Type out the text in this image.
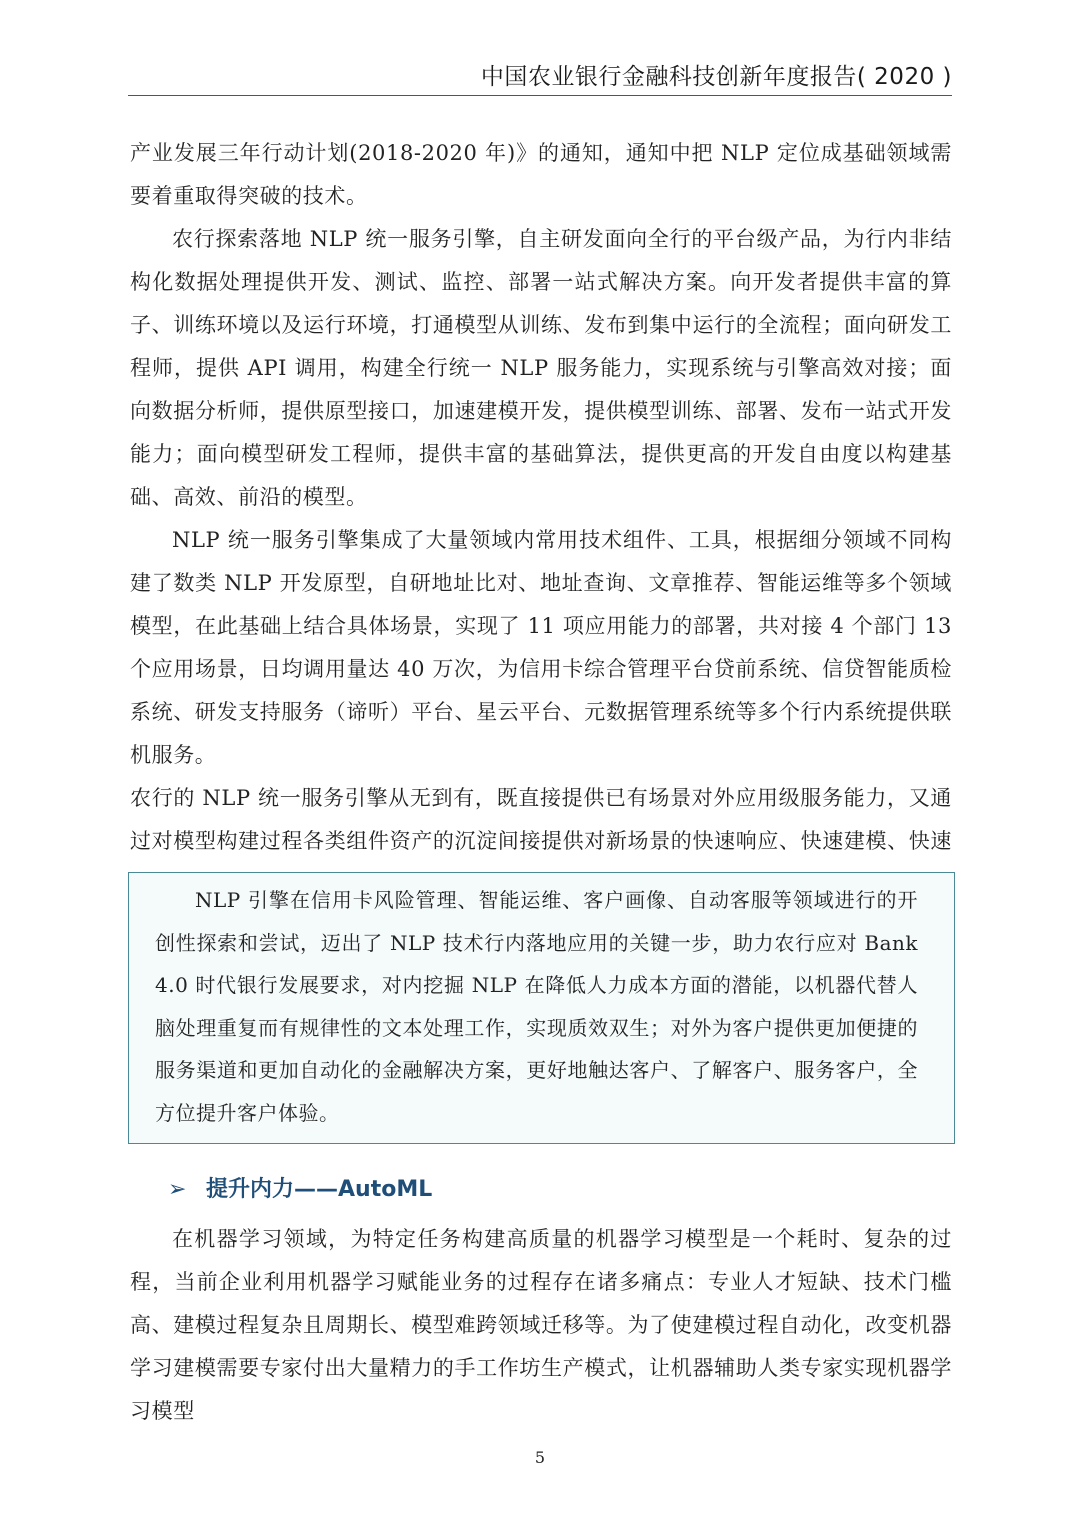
中国农业银行金融科技创新年度报告( 2020 )

产业发展三年行动计划(2018-2020 年)》的通知，通知中把 NLP 定位成基础领域需要着重取得突破的技术。

农行探索落地 NLP 统一服务引擎，自主研发面向全行的平台级产品，为行内非结构化数据处理提供开发、测试、监控、部署一站式解决方案。向开发者提供丰富的算子、训练环境以及运行环境，打通模型从训练、发布到集中运行的全流程；面向研发工程师，提供 API 调用，构建全行统一 NLP 服务能力，实现系统与引擎高效对接；面向数据分析师，提供原型接口，加速建模开发，提供模型训练、部署、发布一站式开发能力；面向模型研发工程师，提供丰富的基础算法，提供更高的开发自由度以构建基础、高效、前沿的模型。

NLP 统一服务引擎集成了大量领域内常用技术组件、工具，根据细分领域不同构建了数类 NLP 开发原型，自研地址比对、地址查询、文章推荐、智能运维等多个领域模型，在此基础上结合具体场景，实现了 11 项应用能力的部署，共对接 4 个部门 13 个应用场景，日均调用量达 40 万次，为信用卡综合管理平台贷前系统、信贷智能质检系统、研发支持服务（谛听）平台、星云平台、元数据管理系统等多个行内系统提供联机服务。

农行的 NLP 统一服务引擎从无到有，既直接提供已有场景对外应用级服务能力，又通过对模型构建过程各类组件资产的沉淀间接提供对新场景的快速响应、快速建模、快速

NLP 引擎在信用卡风险管理、智能运维、客户画像、自动客服等领域进行的开创性探索和尝试，迈出了 NLP 技术行内落地应用的关键一步，助力农行应对 Bank 4.0 时代银行发展要求，对内挖掘 NLP 在降低人力成本方面的潜能，以机器代替人脑处理重复而有规律性的文本处理工作，实现质效双生；对外为客户提供更加便捷的服务渠道和更加自动化的金融解决方案，更好地触达客户、了解客户、服务客户，全方位提升客户体验。
➢ 提升内力——AutoML

在机器学习领域，为特定任务构建高质量的机器学习模型是一个耗时、复杂的过程，当前企业利用机器学习赋能业务的过程存在诸多痛点：专业人才短缺、技术门槛高、建模过程复杂且周期长、模型难跨领域迁移等。为了使建模过程自动化，改变机器学习建模需要专家付出大量精力的手工作坊生产模式，让机器辅助人类专家实现机器学习模型

5
